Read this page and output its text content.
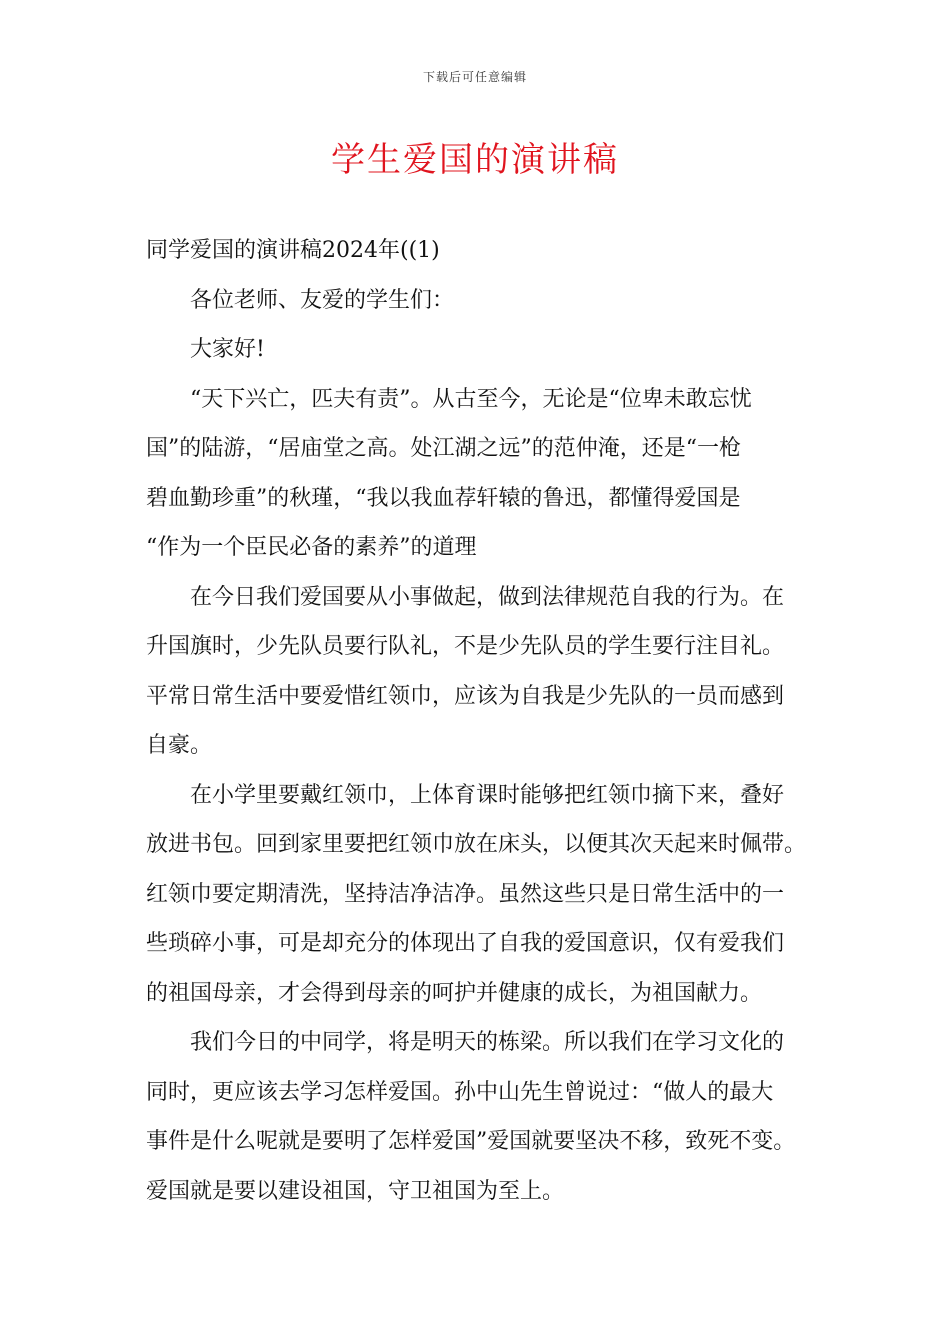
下载后可任意编辑
学生爱国的演讲稿
同学爱国的演讲稿2024年((1)
各位老师、友爱的学生们：
大家好!
“天下兴亡，匹夫有责”。从古至今，无论是“位卑未敢忘忧
国”的陆游，“居庙堂之高。处江湖之远”的范仲淹，还是“一枪
碧血勤珍重”的秋瑾，“我以我血荐轩辕的鲁迅，都懂得爱国是
“作为一个臣民必备的素养”的道理
在今日我们爱国要从小事做起，做到法律规范自我的行为。在
升国旗时，少先队员要行队礼，不是少先队员的学生要行注目礼。
平常日常生活中要爱惜红领巾，应该为自我是少先队的一员而感到
自豪。
在小学里要戴红领巾，上体育课时能够把红领巾摘下来，叠好
放进书包。回到家里要把红领巾放在床头，以便其次天起来时佩带。
红领巾要定期清洗，坚持洁净洁净。虽然这些只是日常生活中的一
些琐碎小事，可是却充分的体现出了自我的爱国意识，仅有爱我们
的祖国母亲，才会得到母亲的呵护并健康的成长，为祖国献力。
我们今日的中同学，将是明天的栋梁。所以我们在学习文化的
同时，更应该去学习怎样爱国。孙中山先生曾说过：“做人的最大
事件是什么呢就是要明了怎样爱国”爱国就要坚决不移，致死不变。
爱国就是要以建设祖国，守卫祖国为至上。
